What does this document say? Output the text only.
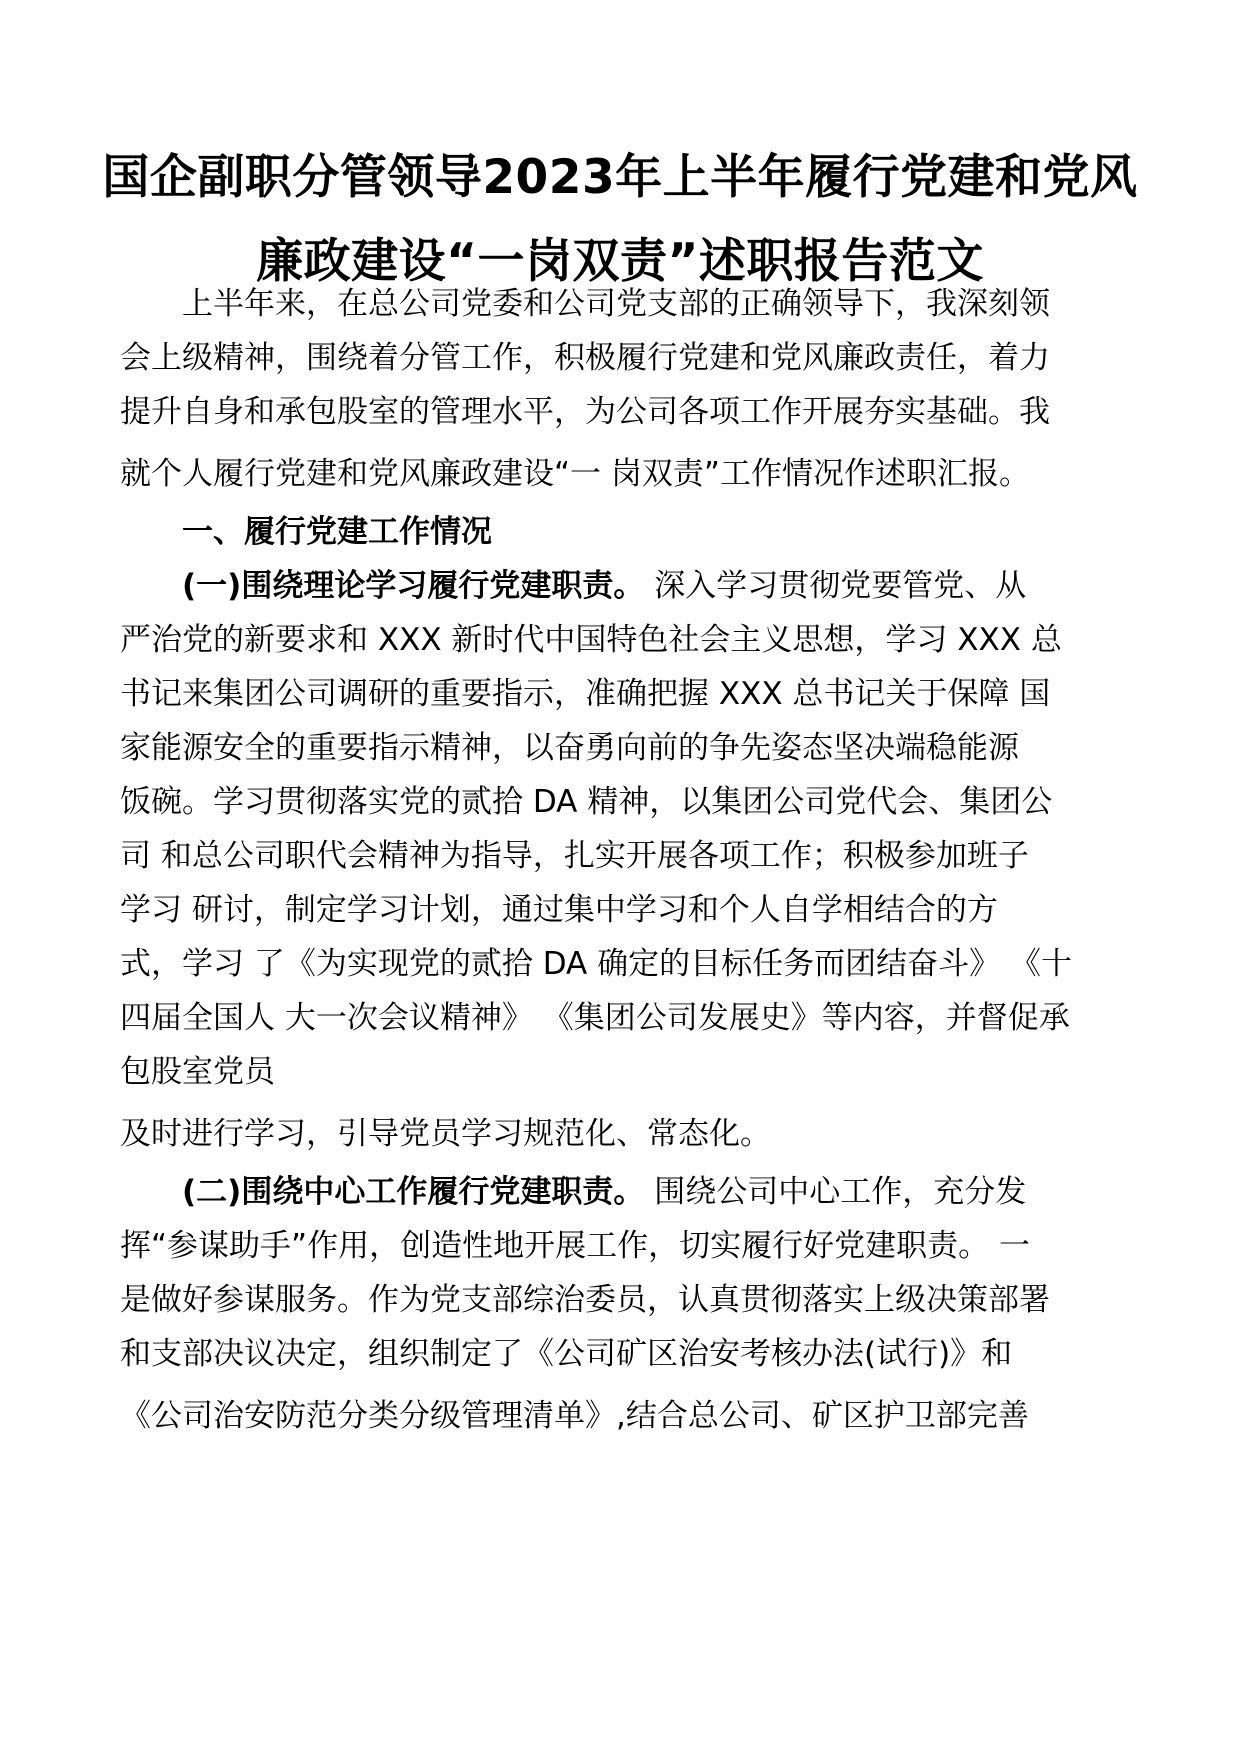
国企副职分管领导2023年上半年履行党建和党风
廉政建设“一岗双责”述职报告范文
上半年来，在总公司党委和公司党支部的正确领导下，我深刻领
会上级精神，围绕着分管工作，积极履行党建和党风廉政责任，着力
提升自身和承包股室的管理水平，为公司各项工作开展夯实基础。我
就个人履行党建和党风廉政建设“一 岗双责”工作情况作述职汇报。
一、履行党建工作情况
(一)围绕理论学习履行党建职责。 深入学习贯彻党要管党、从
严治党的新要求和 XXX 新时代中国特色社会主义思想，学习 XXX 总
书记来集团公司调研的重要指示，准确把握 XXX 总书记关于保障 国
家能源安全的重要指示精神，以奋勇向前的争先姿态坚决端稳能源
饭碗。学习贯彻落实党的贰拾 DA 精神，以集团公司党代会、集团公
司 和总公司职代会精神为指导，扎实开展各项工作；积极参加班子
学习 研讨，制定学习计划，通过集中学习和个人自学相结合的方
式，学习 了《为实现党的贰拾 DA 确定的目标任务而团结奋斗》 《十
四届全国人 大一次会议精神》 《集团公司发展史》等内容，并督促承
包股室党员
及时进行学习，引导党员学习规范化、常态化。
(二)围绕中心工作履行党建职责。 围绕公司中心工作，充分发
挥“参谋助手”作用，创造性地开展工作，切实履行好党建职责。 一
是做好参谋服务。作为党支部综治委员，认真贯彻落实上级决策部署
和支部决议决定，组织制定了《公司矿区治安考核办法(试行)》和
《公司治安防范分类分级管理清单》,结合总公司、矿区护卫部完善
